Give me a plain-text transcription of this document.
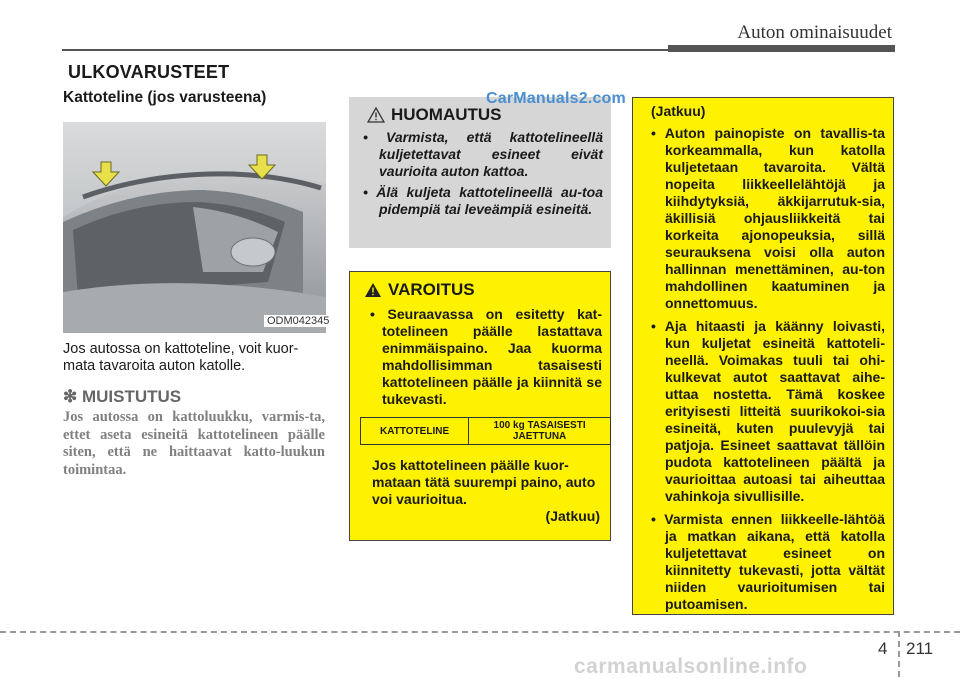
Auton ominaisuudet
ULKOVARUSTEET
Kattoteline (jos varusteena)
ODM042345
Jos autossa on kattoteline, voit kuor-mata tavaroita auton katolle.
❇ MUISTUTUS
Jos autossa on kattoluukku, varmis-ta, ettet aseta esineitä kattotelineen päälle siten, että ne haittaavat katto-luukun toimintaa.
HUOMAUTUS
• Varmista, että kattotelineellä kuljetettavat esineet eivät vaurioita auton kattoa.
• Älä kuljeta kattotelineellä au-toa pidempiä tai leveämpiä esineitä.
CarManuals2.com
VAROITUS
• Seuraavassa on esitetty kat-totelineen päälle lastattava enimmäispaino. Jaa kuorma mahdollisimman tasaisesti kattotelineen päälle ja kiinnitä se tukevasti.
KATTOTELINE	100 kg TASAISESTI
JAETTUNA
Jos kattotelineen päälle kuor-mataan tätä suurempi paino, auto voi vaurioitua.
(Jatkuu)
(Jatkuu)
• Auton painopiste on tavallis-ta korkeammalla, kun katolla kuljetetaan tavaroita. Vältä nopeita liikkeellelähtöjä ja kiihdytyksiä, äkkijarrutuk-sia, äkillisiä ohjausliikkeitä tai korkeita ajonopeuksia, sillä seurauksena voisi olla auton hallinnan menettäminen, au-ton mahdollinen kaatuminen ja onnettomuus.
• Aja hitaasti ja käänny loivasti, kun kuljetat esineitä kattoteli-neellä. Voimakas tuuli tai ohi-kulkevat autot saattavat aihe-uttaa nostetta. Tämä koskee erityisesti litteitä suurikokoi-sia esineitä, kuten puulevyjä tai patjoja. Esineet saattavat tällöin pudota kattotelineen päältä ja vaurioittaa autoasi tai aiheuttaa vahinkoja sivullisille.
• Varmista ennen liikkeelle-lähtöä ja matkan aikana, että katolla kuljetettavat esineet on kiinnitetty tukevasti, jotta vältät niiden vaurioitumisen tai putoamisen.
4 211
carmanualsonline.info
